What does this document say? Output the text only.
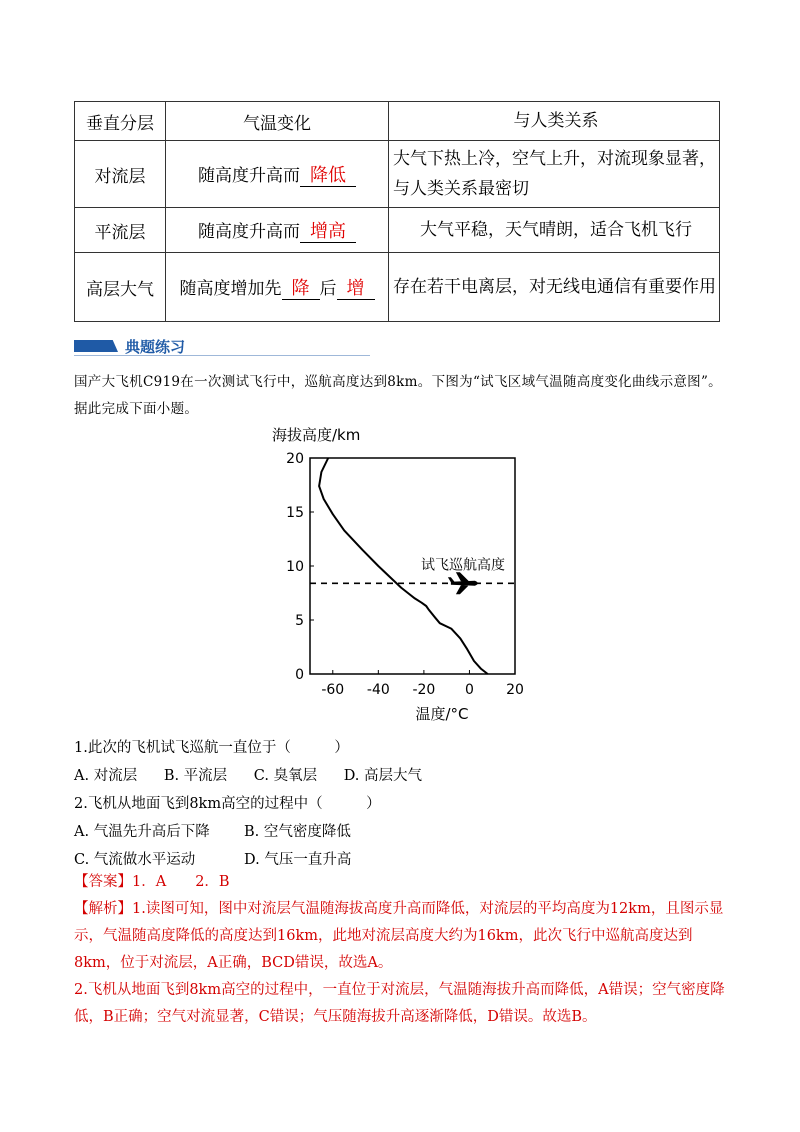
垂直分层	气温变化	与人类关系
对流层	随高度升高而 降低	大气下热上冷，空气上升，对流现象显著，与人类关系最密切
平流层	随高度升高而 增高	大气平稳，天气晴朗，适合飞机飞行
高层大气	随高度增加先 降 后 增	存在若干电离层，对无线电通信有重要作用
典题练习
国产大飞机C919在一次测试飞行中，巡航高度达到8km。下图为“试飞区域气温随高度变化曲线示意图”。据此完成下面小题。
-60 -40 -20 0 20
0
5
10
15
20
海拔高度/km
温度/°C
试飞巡航高度
1.此次的飞机试飞巡航一直位于（　　　）
A. 对流层 B. 平流层 C. 臭氧层 D. 高层大气
2.飞机从地面飞到8km高空的过程中（　　　）
A. 气温先升高后下降 B. 空气密度降低
C. 气流做水平运动	D. 气压一直升高
【答案】1．A　　2．B
【解析】1.读图可知，图中对流层气温随海拔高度升高而降低，对流层的平均高度为12km，且图示显示，气温随高度降低的高度达到16km，此地对流层高度大约为16km，此次飞行中巡航高度达到8km，位于对流层，A正确，BCD错误，故选A。
2.飞机从地面飞到8km高空的过程中，一直位于对流层，气温随海拔升高而降低，A错误；空气密度降低，B正确；空气对流显著，C错误；气压随海拔升高逐渐降低，D错误。故选B。
